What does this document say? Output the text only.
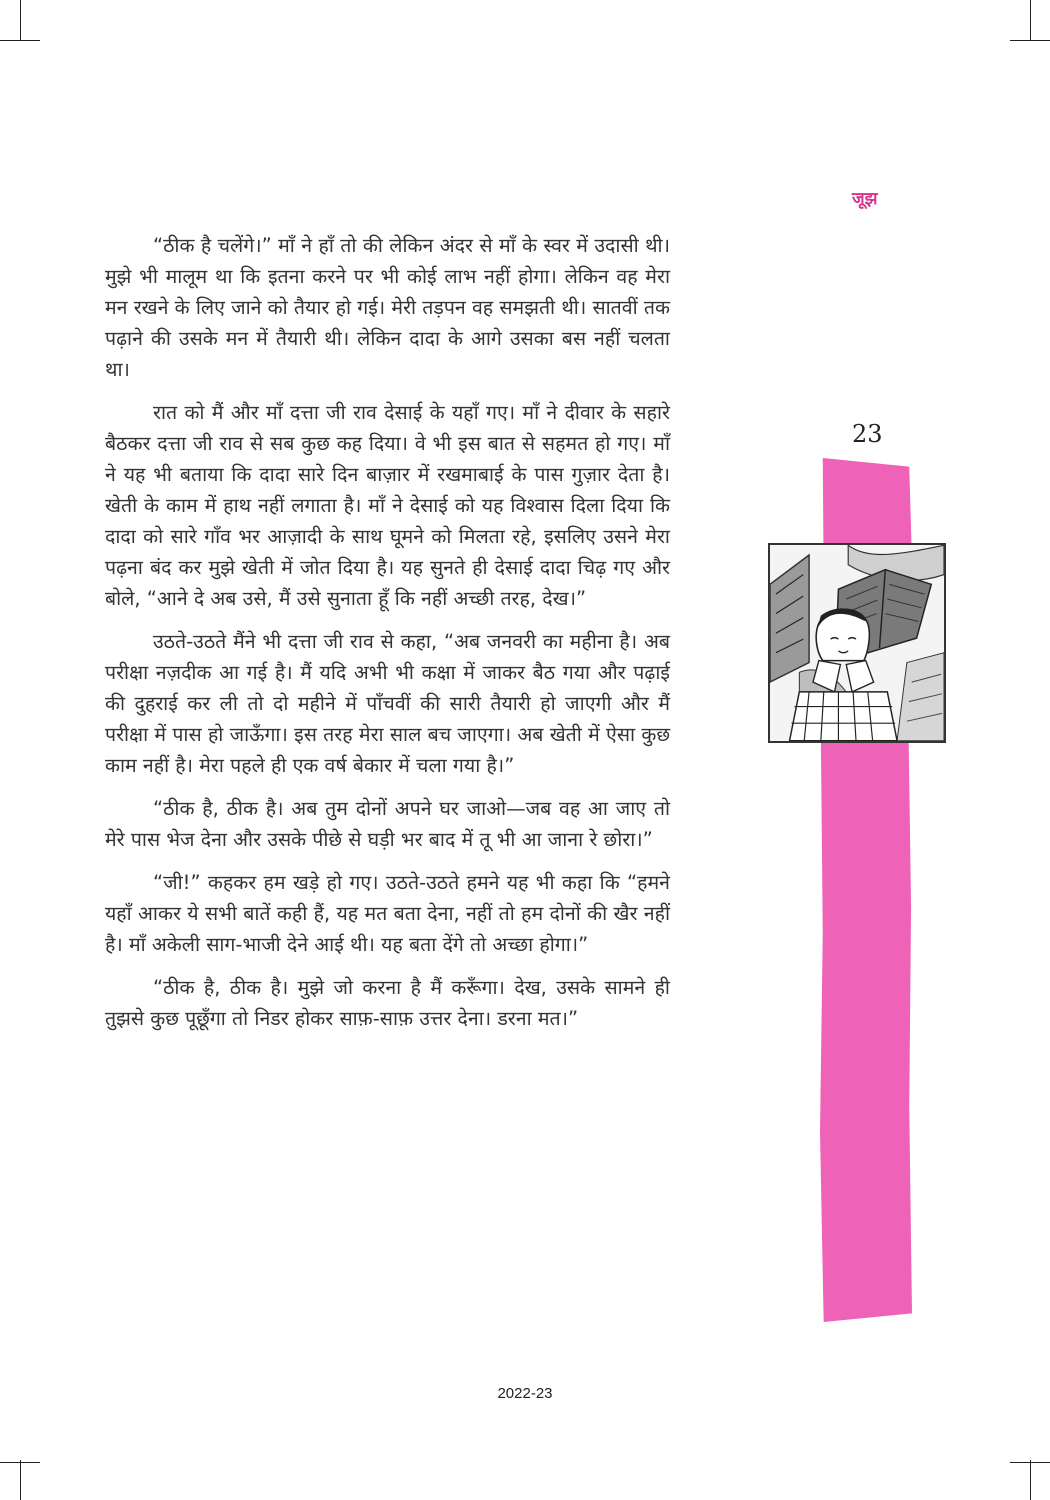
जूझ
23

“ठीक है चलेंगे।” माँ ने हाँ तो की लेकिन अंदर से माँ के स्वर में उदासी थी। मुझे भी मालूम था कि इतना करने पर भी कोई लाभ नहीं होगा। लेकिन वह मेरा मन रखने के लिए जाने को तैयार हो गई। मेरी तड़पन वह समझती थी। सातवीं तक पढ़ाने की उसके मन में तैयारी थी। लेकिन दादा के आगे उसका बस नहीं चलता था।

रात को मैं और माँ दत्ता जी राव देसाई के यहाँ गए। माँ ने दीवार के सहारे बैठकर दत्ता जी राव से सब कुछ कह दिया। वे भी इस बात से सहमत हो गए। माँ ने यह भी बताया कि दादा सारे दिन बाज़ार में रखमाबाई के पास गुज़ार देता है। खेती के काम में हाथ नहीं लगाता है। माँ ने देसाई को यह विश्वास दिला दिया कि दादा को सारे गाँव भर आज़ादी के साथ घूमने को मिलता रहे, इसलिए उसने मेरा पढ़ना बंद कर मुझे खेती में जोत दिया है। यह सुनते ही देसाई दादा चिढ़ गए और बोले, “आने दे अब उसे, मैं उसे सुनाता हूँ कि नहीं अच्छी तरह, देख।”

उठते-उठते मैंने भी दत्ता जी राव से कहा, “अब जनवरी का महीना है। अब परीक्षा नज़दीक आ गई है। मैं यदि अभी भी कक्षा में जाकर बैठ गया और पढ़ाई की दुहराई कर ली तो दो महीने में पाँचवीं की सारी तैयारी हो जाएगी और मैं परीक्षा में पास हो जाऊँगा। इस तरह मेरा साल बच जाएगा। अब खेती में ऐसा कुछ काम नहीं है। मेरा पहले ही एक वर्ष बेकार में चला गया है।”

“ठीक है, ठीक है। अब तुम दोनों अपने घर जाओ—जब वह आ जाए तो मेरे पास भेज देना और उसके पीछे से घड़ी भर बाद में तू भी आ जाना रे छोरा।”

“जी!” कहकर हम खड़े हो गए। उठते-उठते हमने यह भी कहा कि “हमने यहाँ आकर ये सभी बातें कही हैं, यह मत बता देना, नहीं तो हम दोनों की खैर नहीं है। माँ अकेली साग-भाजी देने आई थी। यह बता देंगे तो अच्छा होगा।”

“ठीक है, ठीक है। मुझे जो करना है मैं करूँगा। देख, उसके सामने ही तुझसे कुछ पूछूँगा तो निडर होकर साफ़-साफ़ उत्तर देना। डरना मत।”

2022-23
